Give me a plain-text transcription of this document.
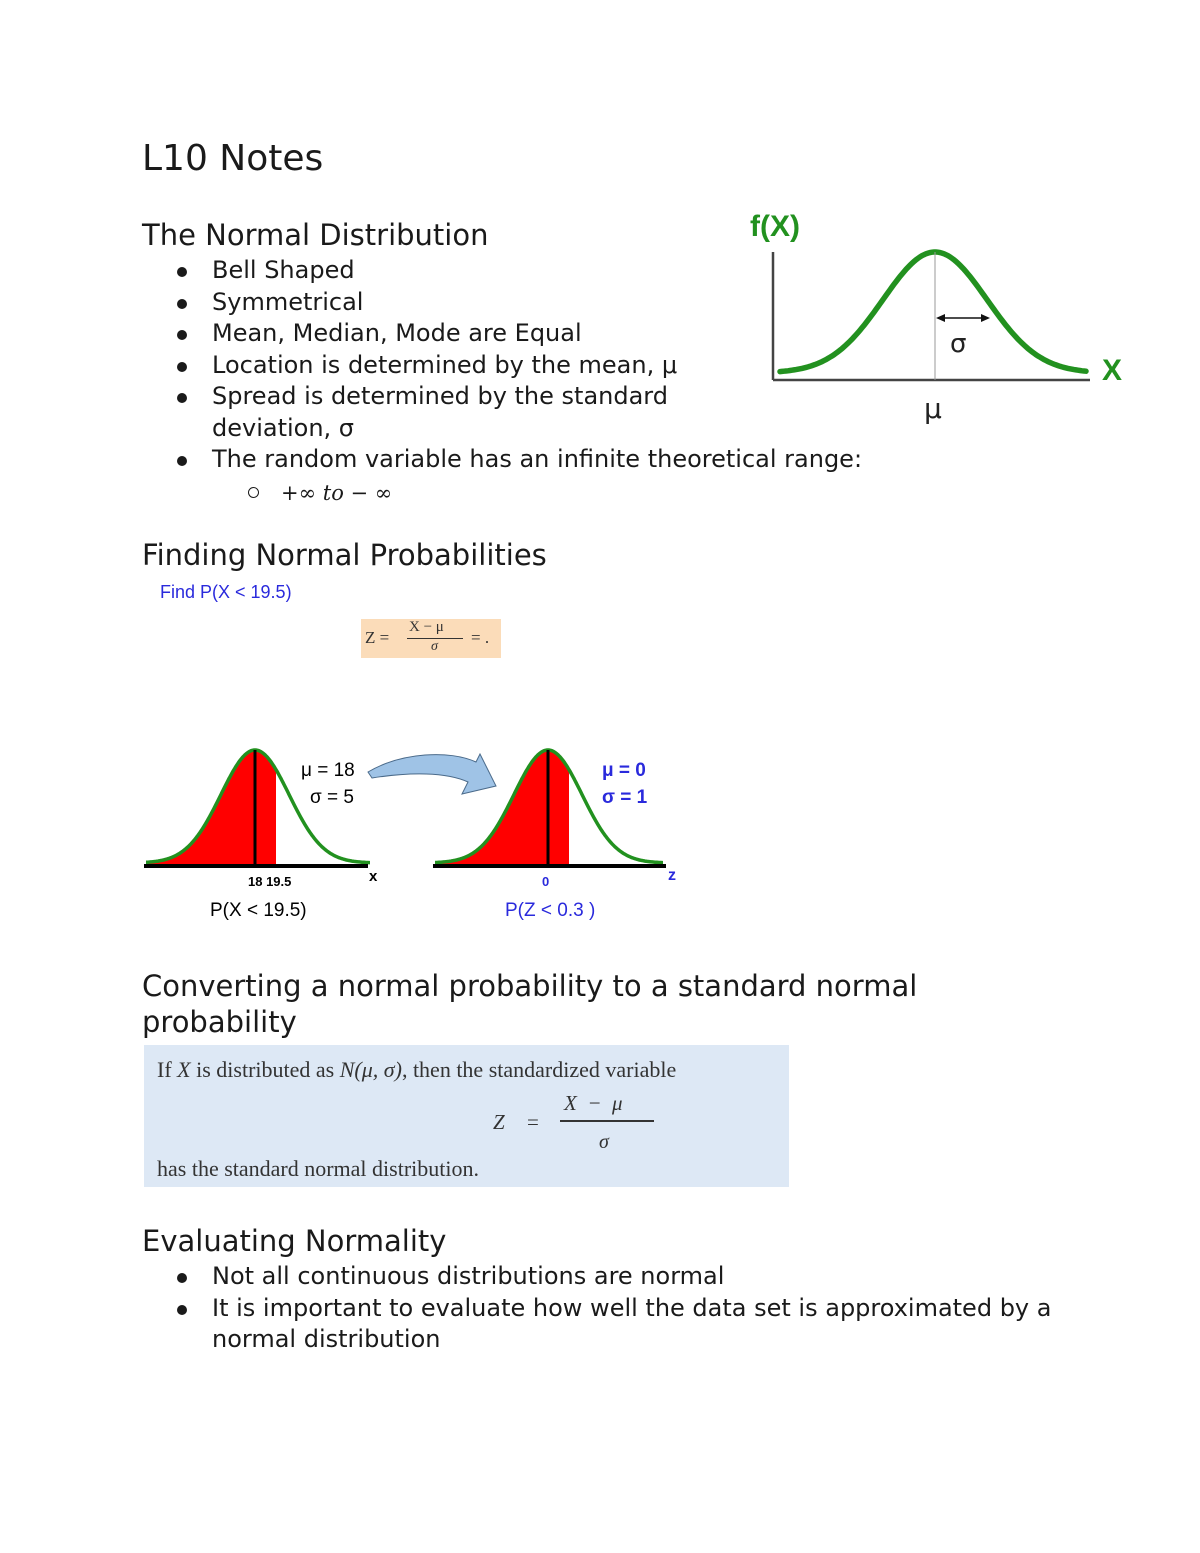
L10 Notes
The Normal Distribution
Bell Shaped
Symmetrical
Mean, Median, Mode are Equal
Location is determined by the mean, μ
Spread is determined by the standard
deviation, σ
The random variable has an infinite theoretical range:
+∞ to − ∞
f(X)
σ
X
μ
Finding Normal Probabilities
Find P(X < 19.5)
Z =
X − μ
σ = .
μ = 18
σ = 5
18 19.5	x
P(X < 19.5)
μ = 0
σ = 1
0	z
P(Z < 0.3 )
Converting a normal probability to a standard normal
probability
If X is distributed as N(μ, σ), then the standardized variable
Z =
X  −  μ
σ
has the standard normal distribution.
Evaluating Normality
Not all continuous distributions are normal
It is important to evaluate how well the data set is approximated by a
normal distribution
